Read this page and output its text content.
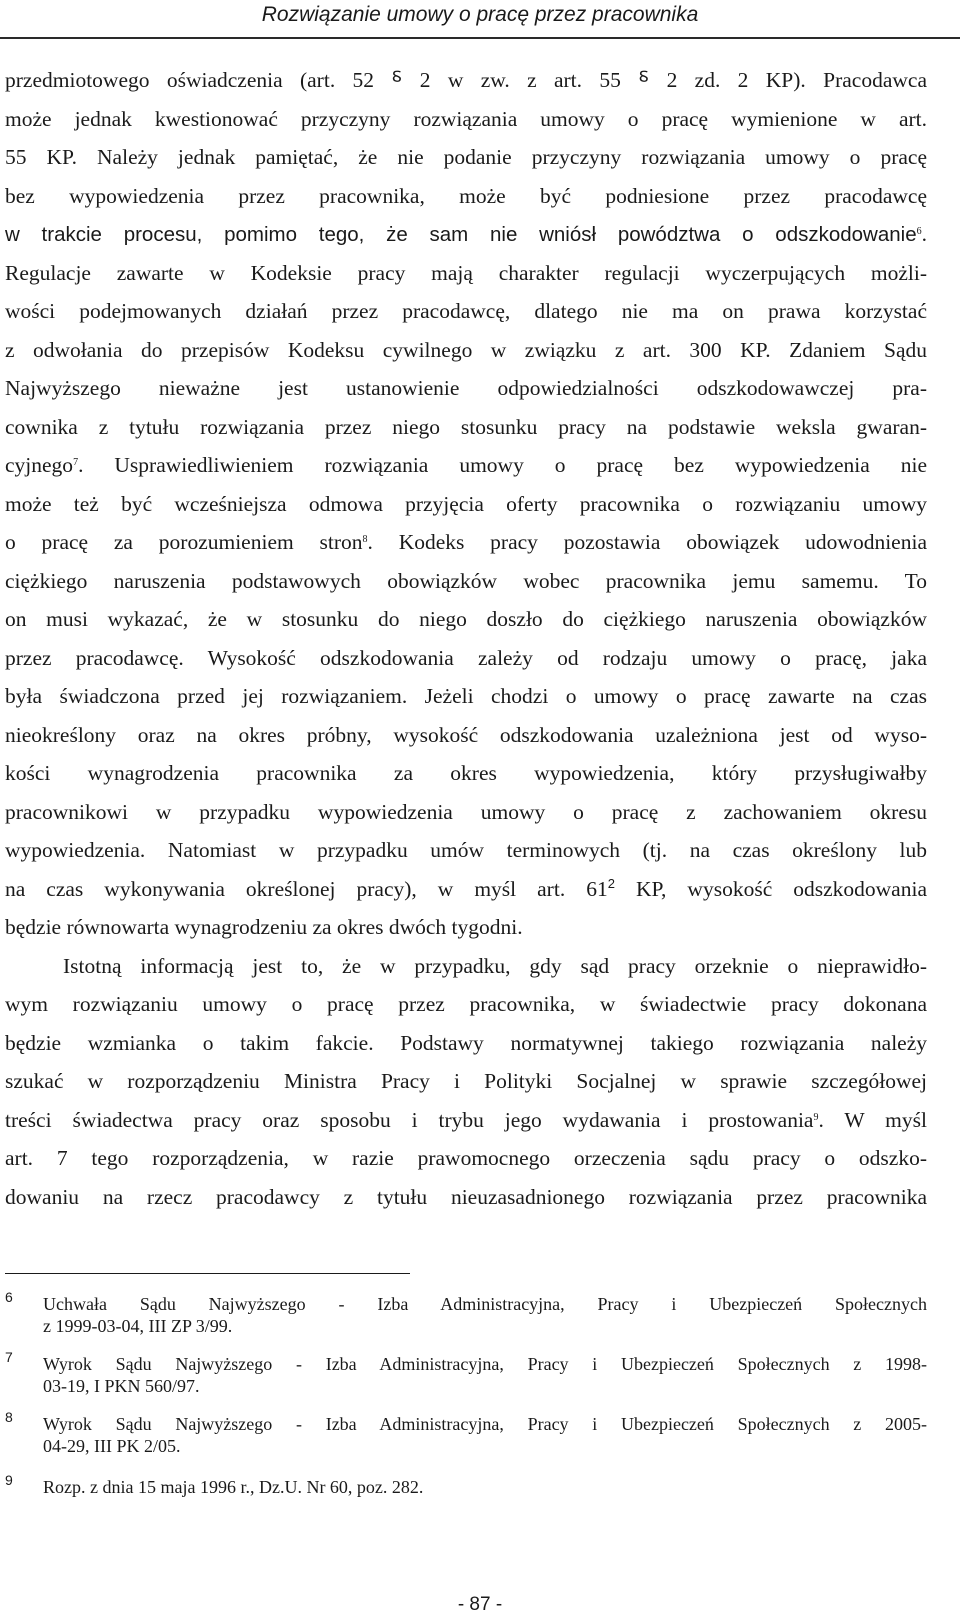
Rozwiązanie umowy o pracę przez pracownika
przedmiotowego oświadczenia (art. 52 ⸹ 2 w zw. z art. 55 ⸹ 2 zd. 2 KP). Pracodawca
może jednak kwestionować przyczyny rozwiązania umowy o pracę wymienione w art.
55 KP. Należy jednak pamiętać, że nie podanie przyczyny rozwiązania umowy o pracę
bez wypowiedzenia przez pracownika, może być podniesione przez pracodawcę
w trakcie procesu, pomimo tego, że sam nie wniósł powództwa o odszkodowanie$^6$.
Regulacje zawarte w Kodeksie pracy mają charakter regulacji wyczerpujących możli-
wości podejmowanych działań przez pracodawcę, dlatego nie ma on prawa korzystać
z odwołania do przepisów Kodeksu cywilnego w związku z art. 300 KP. Zdaniem Sądu
Najwyższego nieważne jest ustanowienie odpowiedzialności odszkodowawczej pra-
cownika z tytułu rozwiązania przez niego stosunku pracy na podstawie weksla gwaran-
cyjnego$^7$. Usprawiedliwieniem rozwiązania umowy o pracę bez wypowiedzenia nie
może też być wcześniejsza odmowa przyjęcia oferty pracownika o rozwiązaniu umowy
o pracę za porozumieniem stron$^8$. Kodeks pracy pozostawia obowiązek udowodnienia
ciężkiego naruszenia podstawowych obowiązków wobec pracownika jemu samemu. To
on musi wykazać, że w stosunku do niego doszło do ciężkiego naruszenia obowiązków
przez pracodawcę. Wysokość odszkodowania zależy od rodzaju umowy o pracę, jaka
była świadczona przed jej rozwiązaniem. Jeżeli chodzi o umowy o pracę zawarte na czas
nieokreślony oraz na okres próbny, wysokość odszkodowania uzależniona jest od wyso-
kości wynagrodzenia pracownika za okres wypowiedzenia, który przysługiwałby
pracownikowi w przypadku wypowiedzenia umowy o pracę z zachowaniem okresu
wypowiedzenia. Natomiast w przypadku umów terminowych (tj. na czas określony lub
na czas wykonywania określonej pracy), w myśl art. $61^2$ KP, wysokość odszkodowania
będzie równowarta wynagrodzeniu za okres dwóch tygodni.
Istotną informacją jest to, że w przypadku, gdy sąd pracy orzeknie o nieprawidło-
wym rozwiązaniu umowy o pracę przez pracownika, w świadectwie pracy dokonana
będzie wzmianka o takim fakcie. Podstawy normatywnej takiego rozwiązania należy
szukać w rozporządzeniu Ministra Pracy i Polityki Socjalnej w sprawie szczegółowej
treści świadectwa pracy oraz sposobu i trybu jego wydawania i prostowania$^9$. W myśl
art. 7 tego rozporządzenia, w razie prawomocnego orzeczenia sądu pracy o odszko-
dowaniu na rzecz pracodawcy z tytułu nieuzasadnionego rozwiązania przez pracownika
6 Uchwała Sądu Najwyższego - Izba Administracyjna, Pracy i Ubezpieczeń Społecznych
z 1999-03-04, III ZP 3/99.
7 Wyrok Sądu Najwyższego - Izba Administracyjna, Pracy i Ubezpieczeń Społecznych z 1998-
03-19, I PKN 560/97.
8 Wyrok Sądu Najwyższego - Izba Administracyjna, Pracy i Ubezpieczeń Społecznych z 2005-
04-29, III PK 2/05.
9 Rozp. z dnia 15 maja 1996 r., Dz.U. Nr 60, poz. 282.
- 87 -
